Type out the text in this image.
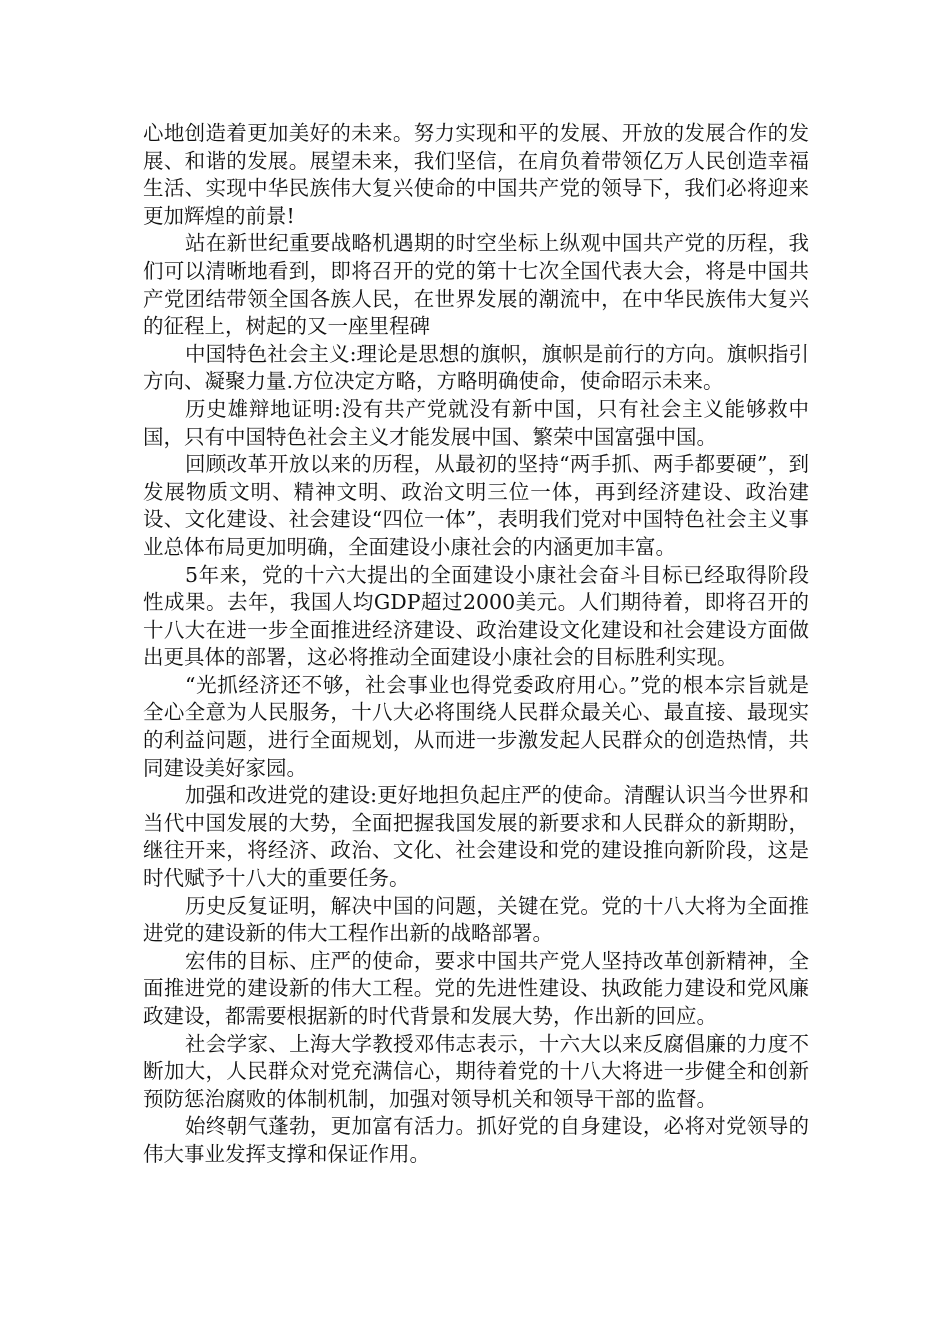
心地创造着更加美好的未来。努力实现和平的发展、开放的发展合作的发展、和谐的发展。展望未来，我们坚信，在肩负着带领亿万人民创造幸福生活、实现中华民族伟大复兴使命的中国共产党的领导下，我们必将迎来更加辉煌的前景!

站在新世纪重要战略机遇期的时空坐标上纵观中国共产党的历程，我们可以清晰地看到，即将召开的党的第十七次全国代表大会，将是中国共产党团结带领全国各族人民，在世界发展的潮流中，在中华民族伟大复兴的征程上，树起的又一座里程碑

中国特色社会主义:理论是思想的旗帜，旗帜是前行的方向。旗帜指引方向、凝聚力量.方位决定方略，方略明确使命，使命昭示未来。

历史雄辩地证明:没有共产党就没有新中国，只有社会主义能够救中国，只有中国特色社会主义才能发展中国、繁荣中国富强中国。

回顾改革开放以来的历程，从最初的坚持“两手抓、两手都要硬”，到发展物质文明、精神文明、政治文明三位一体，再到经济建设、政治建设、文化建设、社会建设“四位一体”，表明我们党对中国特色社会主义事业总体布局更加明确，全面建设小康社会的内涵更加丰富。

5年来，党的十六大提出的全面建设小康社会奋斗目标已经取得阶段性成果。去年，我国人均GDP超过2000美元。人们期待着，即将召开的十八大在进一步全面推进经济建设、政治建设文化建设和社会建设方面做出更具体的部署，这必将推动全面建设小康社会的目标胜利实现。

“光抓经济还不够，社会事业也得党委政府用心。”党的根本宗旨就是全心全意为人民服务，十八大必将围绕人民群众最关心、最直接、最现实的利益问题，进行全面规划，从而进一步激发起人民群众的创造热情，共同建设美好家园。

加强和改进党的建设:更好地担负起庄严的使命。清醒认识当今世界和当代中国发展的大势，全面把握我国发展的新要求和人民群众的新期盼，继往开来，将经济、政治、文化、社会建设和党的建设推向新阶段，这是时代赋予十八大的重要任务。

历史反复证明，解决中国的问题，关键在党。党的十八大将为全面推进党的建设新的伟大工程作出新的战略部署。

宏伟的目标、庄严的使命，要求中国共产党人坚持改革创新精神，全面推进党的建设新的伟大工程。党的先进性建设、执政能力建设和党风廉政建设，都需要根据新的时代背景和发展大势，作出新的回应。

社会学家、上海大学教授邓伟志表示，十六大以来反腐倡廉的力度不断加大，人民群众对党充满信心，期待着党的十八大将进一步健全和创新预防惩治腐败的体制机制，加强对领导机关和领导干部的监督。

始终朝气蓬勃，更加富有活力。抓好党的自身建设，必将对党领导的伟大事业发挥支撑和保证作用。
